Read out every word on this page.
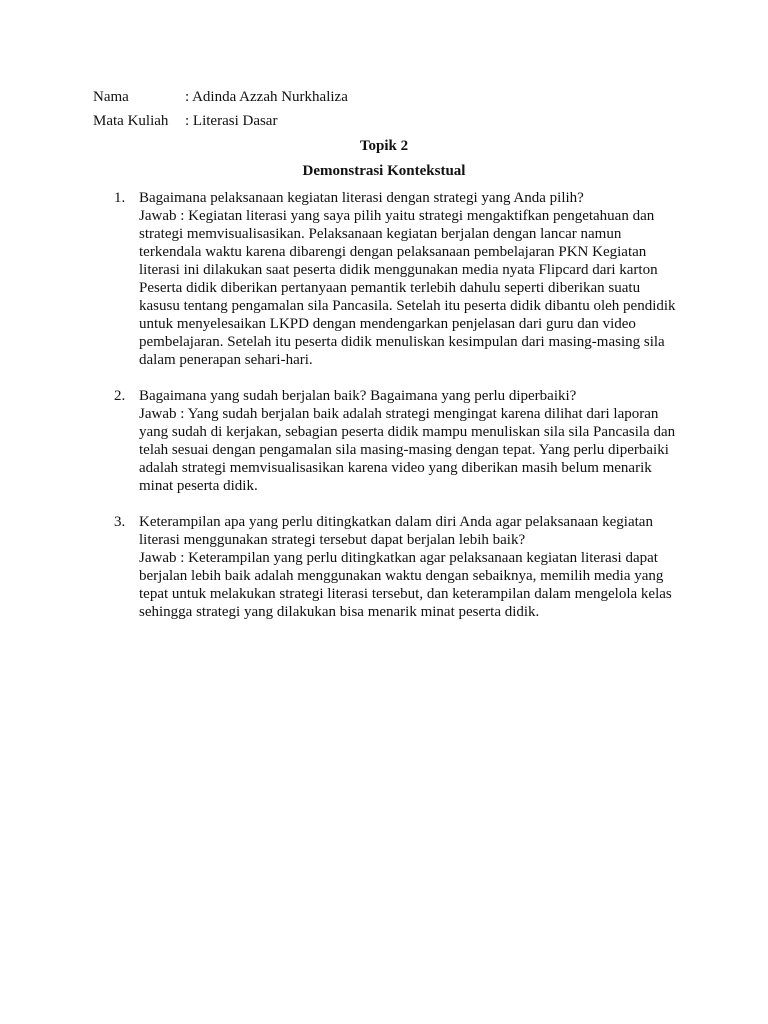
Nama	: Adinda Azzah Nurkhaliza
Mata Kuliah	: Literasi Dasar
Topik 2
Demonstrasi Kontekstual
1. Bagaimana pelaksanaan kegiatan literasi dengan strategi yang Anda pilih?
Jawab : Kegiatan literasi yang saya pilih yaitu strategi mengaktifkan pengetahuan dan strategi memvisualisasikan. Pelaksanaan kegiatan berjalan dengan lancar namun terkendala waktu karena dibarengi dengan pelaksanaan pembelajaran PKN Kegiatan literasi ini dilakukan saat peserta didik menggunakan media nyata Flipcard dari karton Peserta didik diberikan pertanyaan pemantik terlebih dahulu seperti diberikan suatu kasusu tentang pengamalan sila Pancasila. Setelah itu peserta didik dibantu oleh pendidik untuk menyelesaikan LKPD dengan mendengarkan penjelasan dari guru dan video pembelajaran. Setelah itu peserta didik menuliskan kesimpulan dari masing-masing sila dalam penerapan sehari-hari.
2. Bagaimana yang sudah berjalan baik? Bagaimana yang perlu diperbaiki?
Jawab : Yang sudah berjalan baik adalah strategi mengingat karena dilihat dari laporan yang sudah di kerjakan, sebagian peserta didik mampu menuliskan sila sila Pancasila dan telah sesuai dengan pengamalan sila masing-masing dengan tepat. Yang perlu diperbaiki adalah strategi memvisualisasikan karena video yang diberikan masih belum menarik minat peserta didik.
3. Keterampilan apa yang perlu ditingkatkan dalam diri Anda agar pelaksanaan kegiatan literasi menggunakan strategi tersebut dapat berjalan lebih baik?
Jawab : Keterampilan yang perlu ditingkatkan agar pelaksanaan kegiatan literasi dapat berjalan lebih baik adalah menggunakan waktu dengan sebaiknya, memilih media yang tepat untuk melakukan strategi literasi tersebut, dan keterampilan dalam mengelola kelas sehingga strategi yang dilakukan bisa menarik minat peserta didik.
